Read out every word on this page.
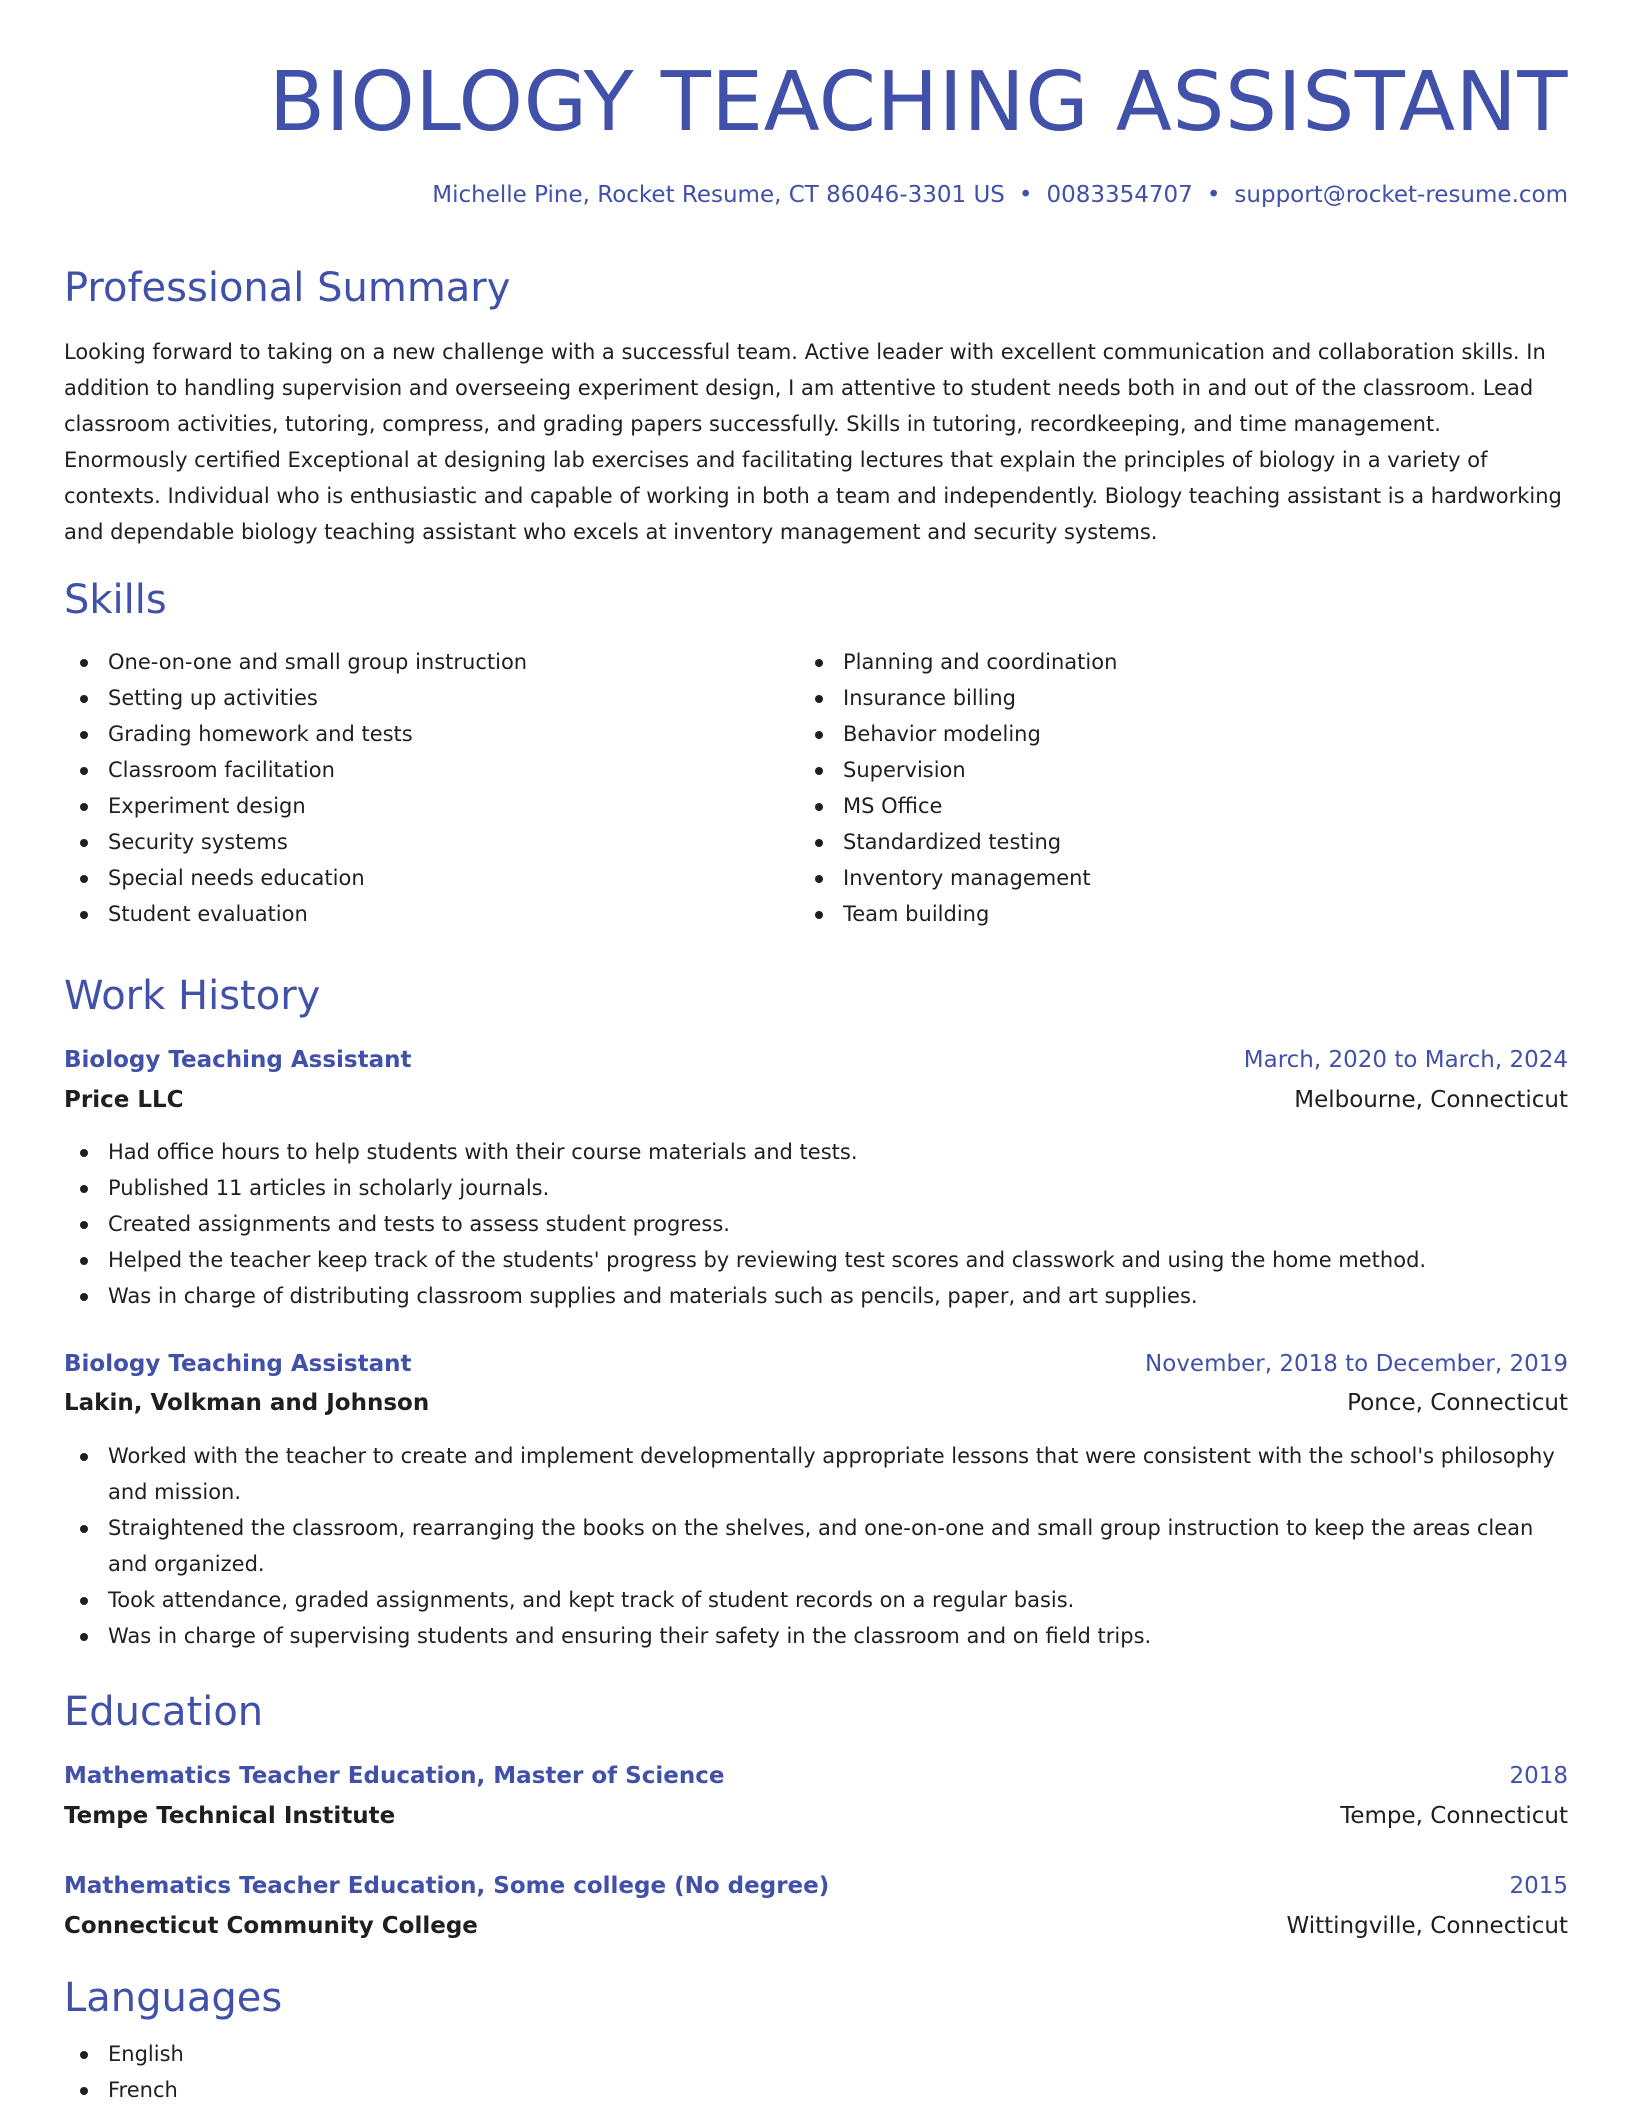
BIOLOGY TEACHING ASSISTANT
Michelle Pine, Rocket Resume, CT 86046-3301 US • 0083354707 • support@rocket-resume.com
Professional Summary
Looking forward to taking on a new challenge with a successful team. Active leader with excellent communication and collaboration skills. In addition to handling supervision and overseeing experiment design, I am attentive to student needs both in and out of the classroom. Lead classroom activities, tutoring, compress, and grading papers successfully. Skills in tutoring, recordkeeping, and time management. Enormously certified Exceptional at designing lab exercises and facilitating lectures that explain the principles of biology in a variety of contexts. Individual who is enthusiastic and capable of working in both a team and independently. Biology teaching assistant is a hardworking and dependable biology teaching assistant who excels at inventory management and security systems.
Skills
One-on-one and small group instruction
Setting up activities
Grading homework and tests
Classroom facilitation
Experiment design
Security systems
Special needs education
Student evaluation
Planning and coordination
Insurance billing
Behavior modeling
Supervision
MS Office
Standardized testing
Inventory management
Team building
Work History
Biology Teaching Assistant	March, 2020 to March, 2024
Price LLC	Melbourne, Connecticut
Had office hours to help students with their course materials and tests.
Published 11 articles in scholarly journals.
Created assignments and tests to assess student progress.
Helped the teacher keep track of the students' progress by reviewing test scores and classwork and using the home method.
Was in charge of distributing classroom supplies and materials such as pencils, paper, and art supplies.
Biology Teaching Assistant	November, 2018 to December, 2019
Lakin, Volkman and Johnson	Ponce, Connecticut
Worked with the teacher to create and implement developmentally appropriate lessons that were consistent with the school's philosophy and mission.
Straightened the classroom, rearranging the books on the shelves, and one-on-one and small group instruction to keep the areas clean and organized.
Took attendance, graded assignments, and kept track of student records on a regular basis.
Was in charge of supervising students and ensuring their safety in the classroom and on field trips.
Education
Mathematics Teacher Education, Master of Science	2018
Tempe Technical Institute	Tempe, Connecticut
Mathematics Teacher Education, Some college (No degree)	2015
Connecticut Community College	Wittingville, Connecticut
Languages
English
French
